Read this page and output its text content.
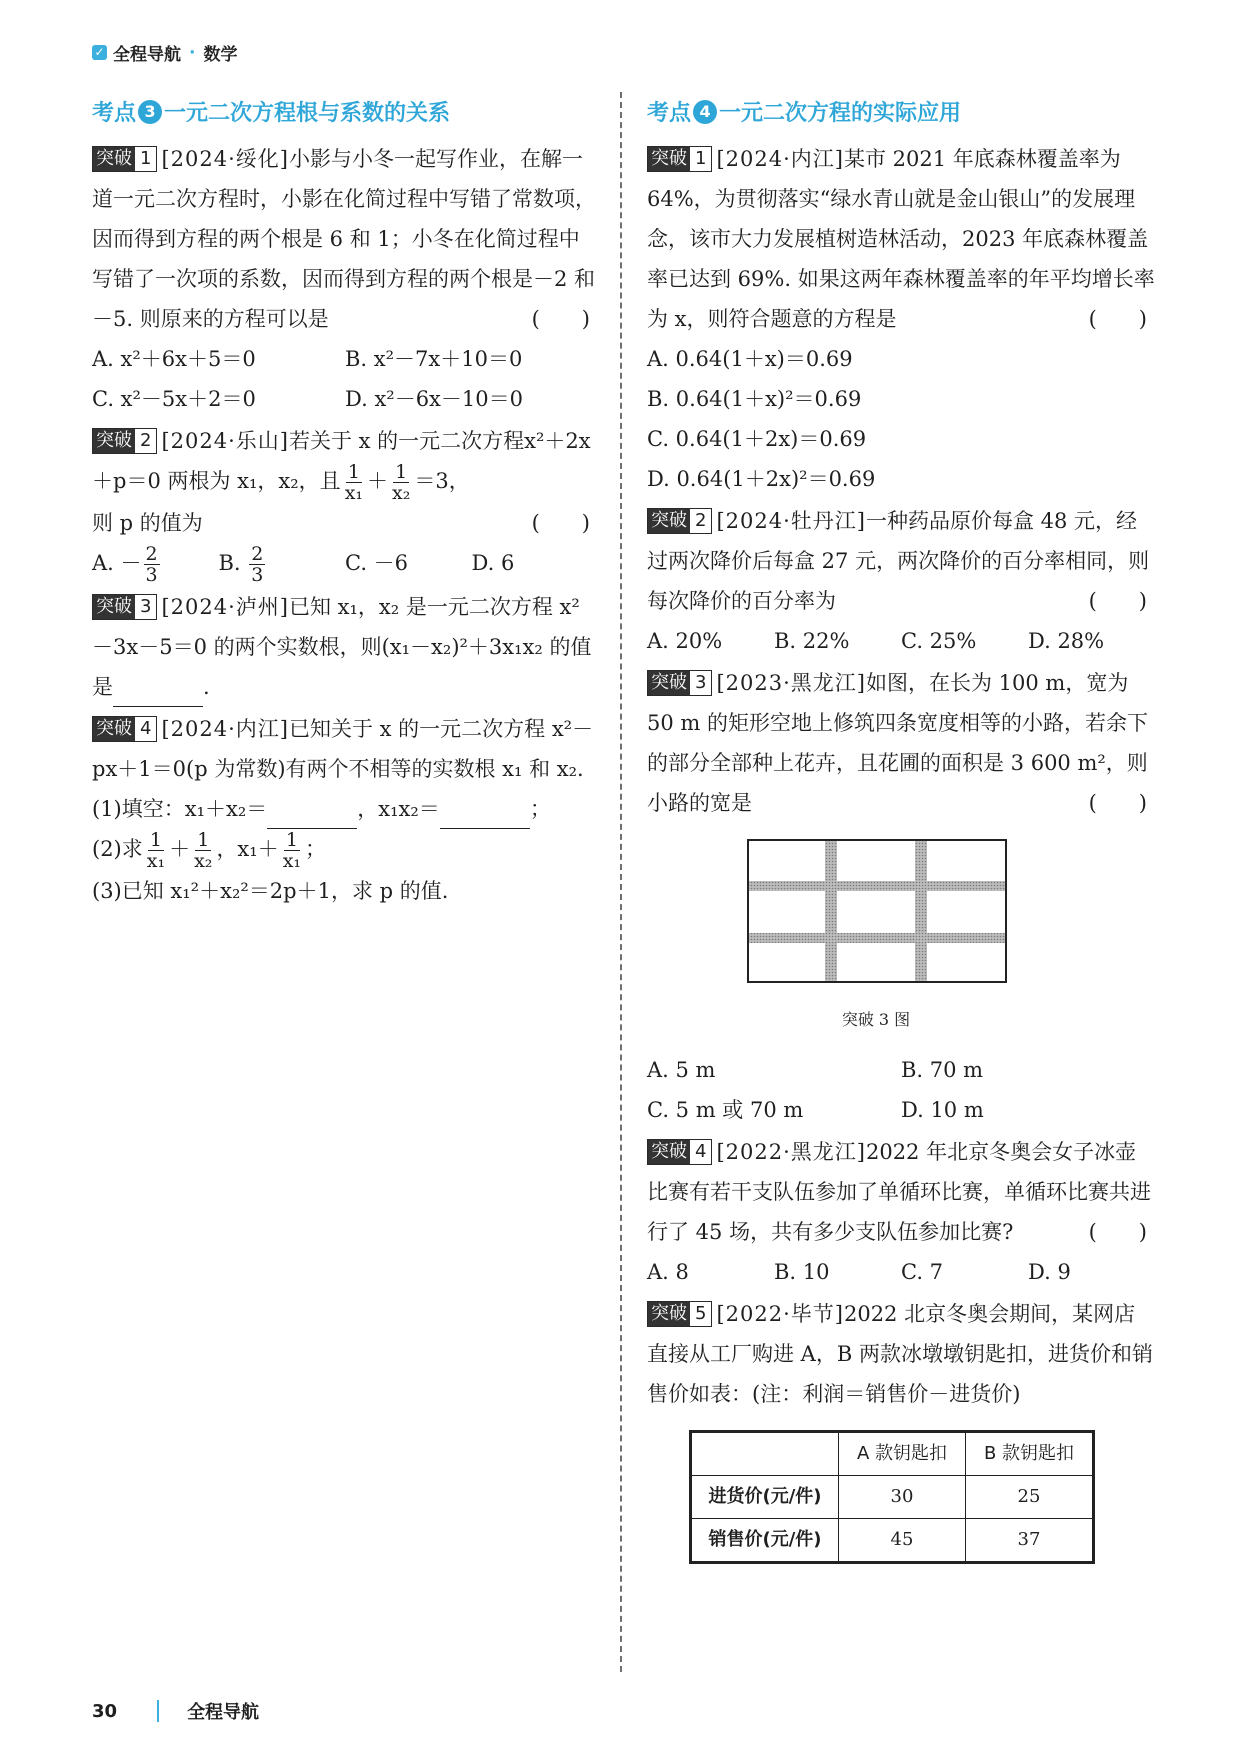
✓ 全程导航 · 数学
考点 3 一元二次方程根与系数的关系
突破 1 [2024·绥化]小影与小冬一起写作业，在解一道一元二次方程时，小影在化简过程中写错了常数项，因而得到方程的两个根是 6 和 1；小冬在化简过程中写错了一次项的系数，因而得到方程的两个根是－2 和－5. 则原来的方程可以是	(　　)
A. x²＋6x＋5＝0	B. x²－7x＋10＝0
C. x²－5x＋2＝0	D. x²－6x－10＝0
突破 2 [2024·乐山]若关于 x 的一元二次方程x²＋2x＋p＝0 两根为 x₁，x₂，且 $\frac{1}{\text{x₁}} + \frac{1}{\text{x₂}} =3$，
则 p 的值为	(　　)
A. － $\frac{2}{3}$	B. $\frac{2}{3}$	C. －6	D. 6
突破 3 [2024·泸州]已知 x₁，x₂ 是一元二次方程 x²－3x－5＝0 的两个实数根，则(x₁－x₂)²＋3x₁x₂ 的值是	.
突破 4 [2024·内江]已知关于 x 的一元二次方程 x²－px＋1＝0(p 为常数)有两个不相等的实数根 x₁ 和 x₂.
(1)填空：x₁＋x₂＝	，x₁x₂＝	；
(2)求 $\frac{1}{\text{x₁}} + \frac{1}{\text{x₂}}$ ，$x_1+ \frac{1}{\text{x₁}}$ ；
(3)已知 x₁²＋x₂²＝2p＋1，求 p 的值.
考点 4 一元二次方程的实际应用
突破 1 [2024·内江]某市 2021 年底森林覆盖率为 64%，为贯彻落实“绿水青山就是金山银山”的发展理念，该市大力发展植树造林活动，2023 年底森林覆盖率已达到 69%. 如果这两年森林覆盖率的年平均增长率为 x，则符合题意的方程是	(　　)
A. 0.64(1＋x)＝0.69
B. 0.64(1＋x)²＝0.69
C. 0.64(1＋2x)＝0.69
D. 0.64(1＋2x)²＝0.69
突破 2 [2024·牡丹江]一种药品原价每盒 48 元，经过两次降价后每盒 27 元，两次降价的百分率相同，则每次降价的百分率为	(　　)
A. 20%	B. 22%	C. 25%	D. 28%
突破 3 [2023·黑龙江]如图，在长为 100 m，宽为 50 m 的矩形空地上修筑四条宽度相等的小路，若余下的部分全部种上花卉，且花圃的面积是 3 600 m²，则小路的宽是	(　　)
突破 3 图
A. 5 m	B. 70 m
C. 5 m 或 70 m	D. 10 m
突破 4 [2022·黑龙江]2022 年北京冬奥会女子冰壶比赛有若干支队伍参加了单循环比赛，单循环比赛共进行了 45 场，共有多少支队伍参加比赛?	(　　)
A. 8	B. 10	C. 7	D. 9
突破 5 [2022·毕节]2022 北京冬奥会期间，某网店直接从工厂购进 A，B 两款冰墩墩钥匙扣，进货价和销售价如表：(注：利润＝销售价－进货价)
	A 款钥匙扣	B 款钥匙扣
进货价(元/件)	30	25
销售价(元/件)	45	37
30	全程导航
